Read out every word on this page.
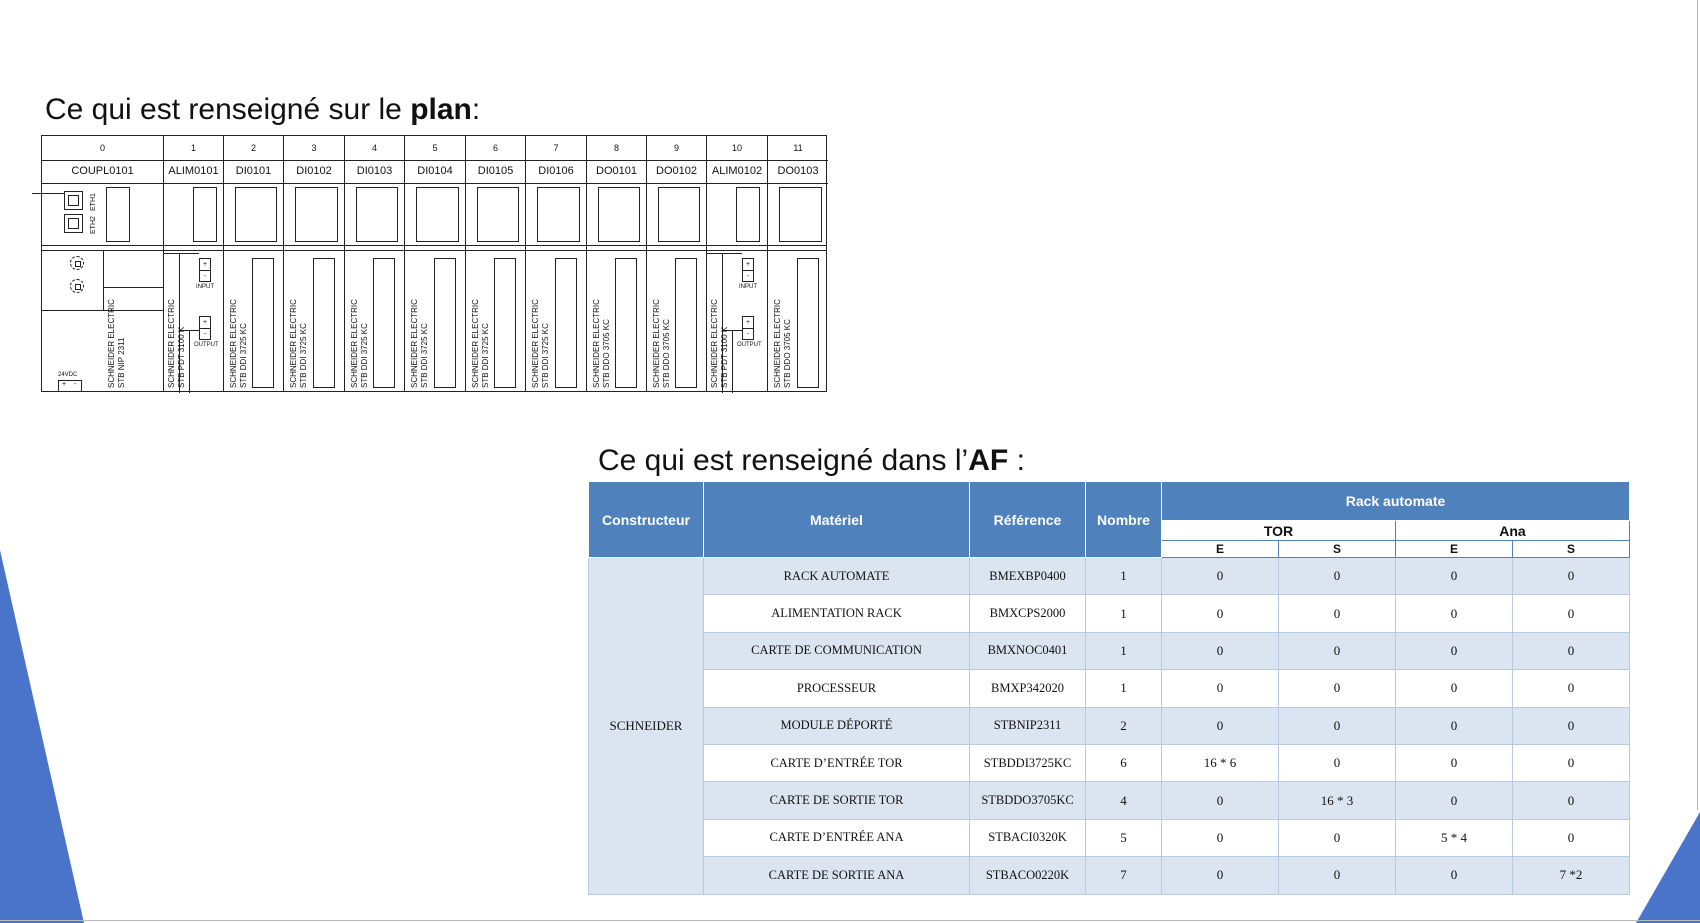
Ce qui est renseigné sur le plan:
Ce qui est renseigné dans l’AF :
0
COUPL0101
ETH1
ETH2
SCHNEIDER ELECTRIC STB NIP 2311
24VDC
+ -
1
ALIM0101
+
-
INPUT
+
-
OUTPUT
SCHNEIDER ELECTRIC STB PDT 3100 K
2
DI0101
SCHNEIDER ELECTRIC STB DDI 3725 KC
3
DI0102
SCHNEIDER ELECTRIC STB DDI 3725 KC
4
DI0103
SCHNEIDER ELECTRIC STB DDI 3725 KC
5
DI0104
SCHNEIDER ELECTRIC STB DDI 3725 KC
6
DI0105
SCHNEIDER ELECTRIC STB DDI 3725 KC
7
DI0106
SCHNEIDER ELECTRIC STB DDI 3725 KC
8
DO0101
SCHNEIDER ELECTRIC STB DDO 3705 KC
9
DO0102
SCHNEIDER ELECTRIC STB DDO 3705 KC
10
ALIM0102
+
-
INPUT
+
-
OUTPUT
SCHNEIDER ELECTRIC STB PDT 3100 K
11
DO0103
SCHNEIDER ELECTRIC STB DDO 3705 KC
Constructeur	Matériel	Référence	Nombre	Rack automate			
				TOR		Ana	
				E	S	E	S
SCHNEIDER	RACK AUTOMATE	BMEXBP0400	1	0	0	0	0
	ALIMENTATION RACK	BMXCPS2000	1	0	0	0	0
	CARTE DE COMMUNICATION	BMXNOC0401	1	0	0	0	0
	PROCESSEUR	BMXP342020	1	0	0	0	0
	MODULE DÉPORTÉ	STBNIP2311	2	0	0	0	0
	CARTE D’ENTRÉE TOR	STBDDI3725KC	6	16 * 6	0	0	0
	CARTE DE SORTIE TOR	STBDDO3705KC	4	0	16 * 3	0	0
	CARTE D’ENTRÉE ANA	STBACI0320K	5	0	0	5 * 4	0
	CARTE DE SORTIE ANA	STBACO0220K	7	0	0	0	7 *2
